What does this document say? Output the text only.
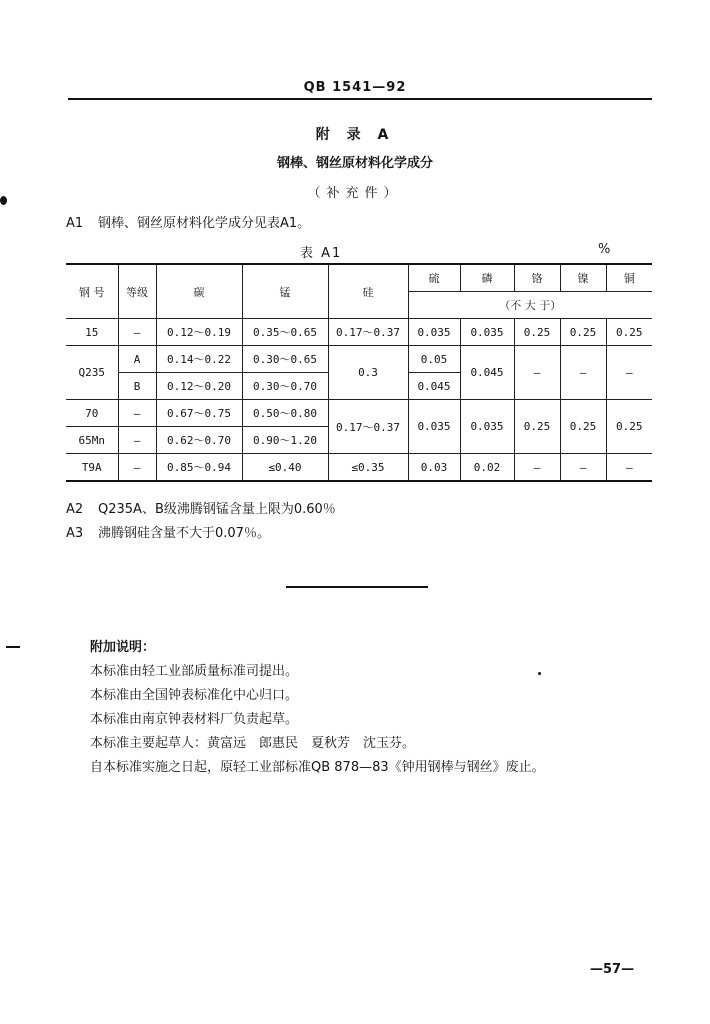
QB 1541—92
附 录 A
钢棒、钢丝原材料化学成分
（补充件）
A1 钢棒、钢丝原材料化学成分见表A1。
表 A1	%
钢 号	等级	碳	锰	硅	硫	磷	铬	镍	铜
					（不 大 于）				
15	—	0.12～0.19	0.35～0.65	0.17～0.37	0.035	0.035	0.25	0.25	0.25
Q235	A	0.14～0.22	0.30～0.65	0.3	0.05	0.045	—	—	—
	B	0.12～0.20	0.30～0.70		0.045				
70	—	0.67～0.75	0.50～0.80	0.17～0.37	0.035	0.035	0.25	0.25	0.25
65Mn	—	0.62～0.70	0.90～1.20						
T9A	—	0.85～0.94	≤0.40	≤0.35	0.03	0.02	—	—	—
A2 Q235A、B级沸腾钢锰含量上限为0.60％
A3 沸腾钢硅含量不大于0.07％。
附加说明：
本标准由轻工业部质量标准司提出。
本标准由全国钟表标准化中心归口。
本标准由南京钟表材料厂负责起草。
本标准主要起草人：黄富远　郎惠民　夏秋芳　沈玉芬。
自本标准实施之日起，原轻工业部标准QB 878—83《钟用钢棒与钢丝》废止。
—57—
